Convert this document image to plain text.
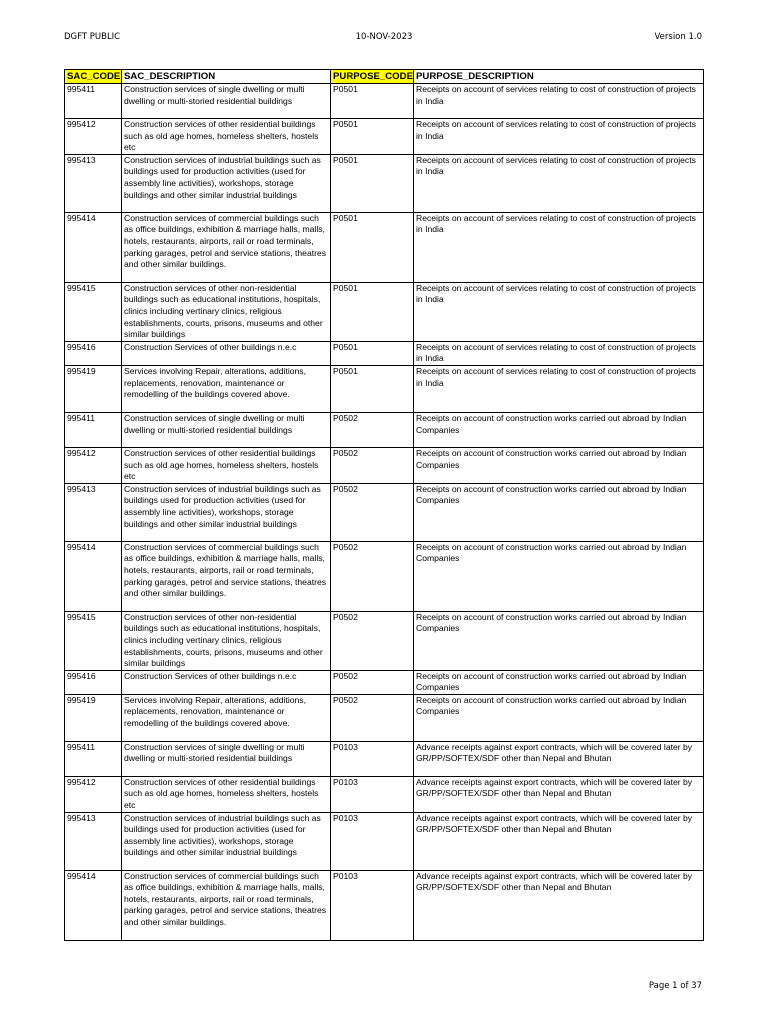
DGFT PUBLIC	10-NOV-2023	Version 1.0
SAC_CODE	SAC_DESCRIPTION	PURPOSE_CODE	PURPOSE_DESCRIPTION
995411	Construction services of single dwelling or multi dwelling or multi-storied residential buildings	P0501	Receipts on account of services relating to cost of construction of projects in India
995412	Construction services of other residential buildings such as old age homes, homeless shelters, hostels etc	P0501	Receipts on account of services relating to cost of construction of projects in India
995413	Construction services of industrial buildings such as buildings used for production activities (used for assembly line activities), workshops, storage buildings and other similar industrial buildings	P0501	Receipts on account of services relating to cost of construction of projects in India
995414	Construction services of commercial buildings such as office buildings, exhibition & marriage halls, malls, hotels, restaurants, airports, rail or road terminals, parking garages, petrol and service stations, theatres and other similar buildings.	P0501	Receipts on account of services relating to cost of construction of projects in India
995415	Construction services of other non-residential buildings such as educational institutions, hospitals, clinics including vertinary clinics, religious establishments, courts, prisons, museums and other similar buildings	P0501	Receipts on account of services relating to cost of construction of projects in India
995416	Construction Services of other buildings n.e.c	P0501	Receipts on account of services relating to cost of construction of projects in India
995419	Services involving Repair, alterations, additions, replacements, renovation, maintenance or remodelling of the buildings covered above.	P0501	Receipts on account of services relating to cost of construction of projects in India
995411	Construction services of single dwelling or multi dwelling or multi-storied residential buildings	P0502	Receipts on account of construction works carried out abroad by Indian Companies
995412	Construction services of other residential buildings such as old age homes, homeless shelters, hostels etc	P0502	Receipts on account of construction works carried out abroad by Indian Companies
995413	Construction services of industrial buildings such as buildings used for production activities (used for assembly line activities), workshops, storage buildings and other similar industrial buildings	P0502	Receipts on account of construction works carried out abroad by Indian Companies
995414	Construction services of commercial buildings such as office buildings, exhibition & marriage halls, malls, hotels, restaurants, airports, rail or road terminals, parking garages, petrol and service stations, theatres and other similar buildings.	P0502	Receipts on account of construction works carried out abroad by Indian Companies
995415	Construction services of other non-residential buildings such as educational institutions, hospitals, clinics including vertinary clinics, religious establishments, courts, prisons, museums and other similar buildings	P0502	Receipts on account of construction works carried out abroad by Indian Companies
995416	Construction Services of other buildings n.e.c	P0502	Receipts on account of construction works carried out abroad by Indian Companies
995419	Services involving Repair, alterations, additions, replacements, renovation, maintenance or remodelling of the buildings covered above.	P0502	Receipts on account of construction works carried out abroad by Indian Companies
995411	Construction services of single dwelling or multi dwelling or multi-storied residential buildings	P0103	Advance receipts against export contracts, which will be covered later by GR/PP/SOFTEX/SDF other than Nepal and Bhutan
995412	Construction services of other residential buildings such as old age homes, homeless shelters, hostels etc	P0103	Advance receipts against export contracts, which will be covered later by GR/PP/SOFTEX/SDF other than Nepal and Bhutan
995413	Construction services of industrial buildings such as buildings used for production activities (used for assembly line activities), workshops, storage buildings and other similar industrial buildings	P0103	Advance receipts against export contracts, which will be covered later by GR/PP/SOFTEX/SDF other than Nepal and Bhutan
995414	Construction services of commercial buildings such as office buildings, exhibition & marriage halls, malls, hotels, restaurants, airports, rail or road terminals, parking garages, petrol and service stations, theatres and other similar buildings.	P0103	Advance receipts against export contracts, which will be covered later by GR/PP/SOFTEX/SDF other than Nepal and Bhutan
Page 1 of 37
